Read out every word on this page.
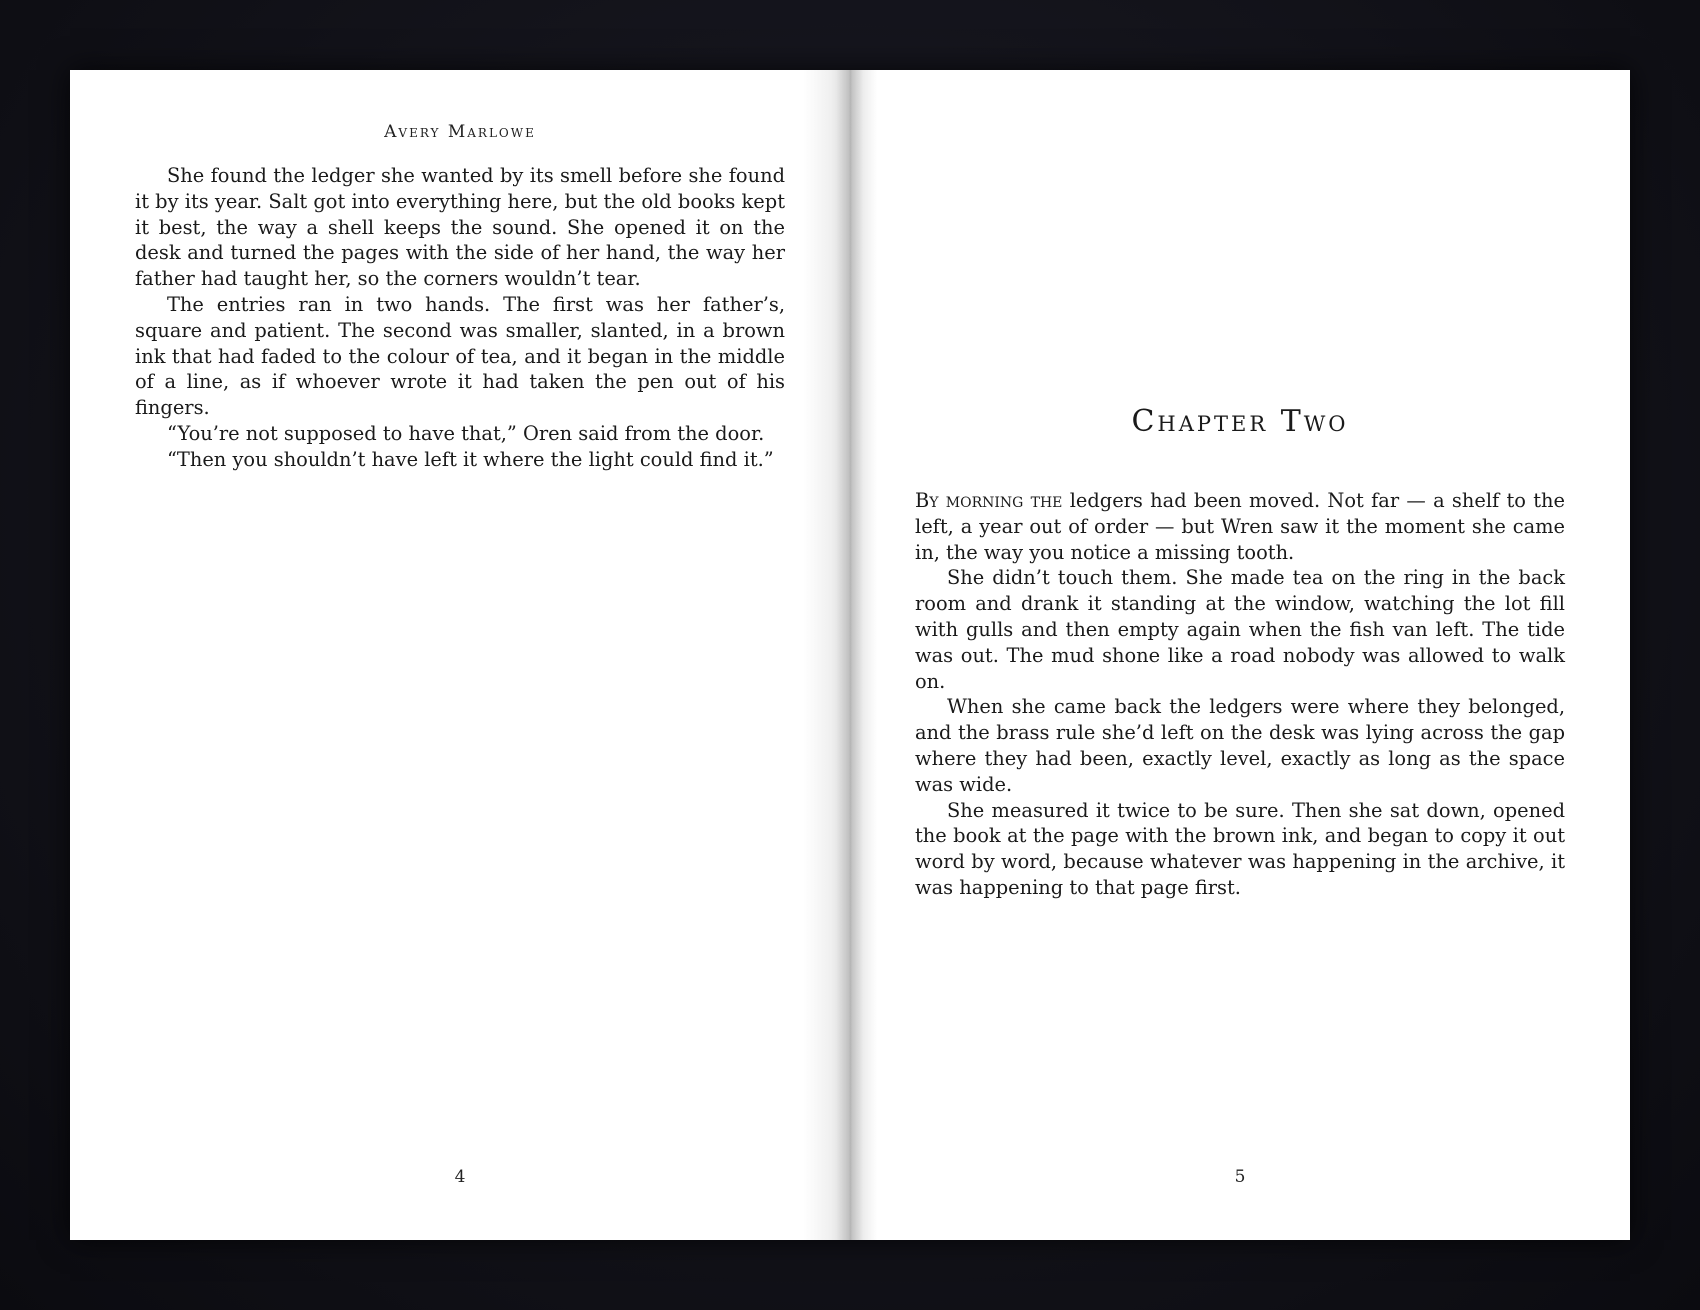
Avery Marlowe

She found the ledger she wanted by its smell before she found it by its year. Salt got into everything here, but the old books kept it best, the way a shell keeps the sound. She opened it on the desk and turned the pages with the side of her hand, the way her father had taught her, so the corners wouldn’t tear.

The entries ran in two hands. The first was her father’s, square and patient. The second was smaller, slanted, in a brown ink that had faded to the colour of tea, and it began in the middle of a line, as if whoever wrote it had taken the pen out of his fingers.

“You’re not supposed to have that,” Oren said from the door.

“Then you shouldn’t have left it where the light could find it.”

4
Chapter Two

By morning the ledgers had been moved. Not far — a shelf to the left, a year out of order — but Wren saw it the moment she came in, the way you notice a missing tooth.

She didn’t touch them. She made tea on the ring in the back room and drank it standing at the window, watching the lot fill with gulls and then empty again when the fish van left. The tide was out. The mud shone like a road nobody was allowed to walk on.

When she came back the ledgers were where they belonged, and the brass rule she’d left on the desk was lying across the gap where they had been, exactly level, exactly as long as the space was wide.

She measured it twice to be sure. Then she sat down, opened the book at the page with the brown ink, and began to copy it out word by word, because whatever was happening in the archive, it was happening to that page first.

5
